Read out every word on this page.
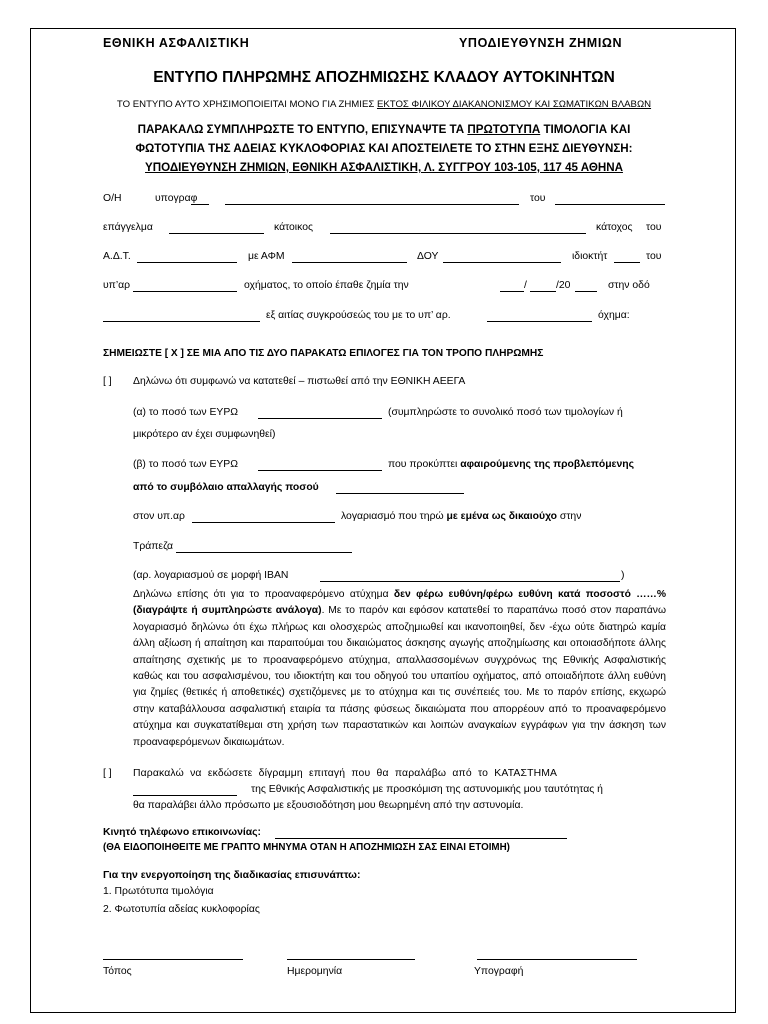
ΕΘΝΙΚΗ ΑΣΦΑΛΙΣΤΙΚΗ	ΥΠΟΔΙΕΥΘΥΝΣΗ ΖΗΜΙΩΝ
ΕΝΤΥΠΟ ΠΛΗΡΩΜΗΣ ΑΠΟΖΗΜΙΩΣΗΣ ΚΛΑΔΟΥ ΑΥΤΟΚΙΝΗΤΩΝ
ΤΟ ΕΝΤΥΠΟ ΑΥΤΟ ΧΡΗΣΙΜΟΠΟΙΕΙΤΑΙ ΜΟΝΟ ΓΙΑ ΖΗΜΙΕΣ ΕΚΤΟΣ ΦΙΛΙΚΟΥ ΔΙΑΚΑΝΟΝΙΣΜΟΥ ΚΑΙ ΣΩΜΑΤΙΚΩΝ ΒΛΑΒΩΝ
ΠΑΡΑΚΑΛΩ ΣΥΜΠΛΗΡΩΣΤΕ ΤΟ ΕΝΤΥΠΟ, ΕΠΙΣΥΝΑΨΤΕ ΤΑ ΠΡΩΤΟΤΥΠΑ ΤΙΜΟΛΟΓΙΑ ΚΑΙ
ΦΩΤΟΤΥΠΙΑ ΤΗΣ ΑΔΕΙΑΣ ΚΥΚΛΟΦΟΡΙΑΣ ΚΑΙ ΑΠΟΣΤΕΙΛΕΤΕ ΤΟ ΣΤΗΝ ΕΞΗΣ ΔΙΕΥΘΥΝΣΗ:
ΥΠΟΔΙΕΥΘΥΝΣΗ ΖΗΜΙΩΝ, ΕΘΝΙΚΗ ΑΣΦΑΛΙΣΤΙΚΗ, Λ. ΣΥΓΓΡΟΥ 103-105, 117 45 ΑΘΗΝΑ
Ο/Η	υπογραφ	του
επάγγελμα	κάτοικος	κάτοχος του
Α.Δ.Τ.	με ΑΦΜ	ΔΟΥ	ιδιοκτήτ	του
υπ’αρ	οχήματος, το οποίο έπαθε ζημία την	/	/20	στην οδό
εξ αιτίας συγκρούσεώς του με το υπ’ αρ.	όχημα:
ΣΗΜΕΙΩΣΤΕ [ Χ ] ΣΕ ΜΙΑ ΑΠΟ ΤΙΣ ΔΥΟ ΠΑΡΑΚΑΤΩ ΕΠΙΛΟΓΕΣ ΓΙΑ ΤΟΝ ΤΡΟΠΟ ΠΛΗΡΩΜΗΣ
[ ] Δηλώνω ότι συμφωνώ να κατατεθεί – πιστωθεί από την ΕΘΝΙΚΗ ΑΕΕΓΑ
(α) το ποσό των ΕΥΡΩ	(συμπληρώστε το συνολικό ποσό των τιμολογίων ή
μικρότερο αν έχει συμφωνηθεί)
(β) το ποσό των ΕΥΡΩ	που προκύπτει αφαιρούμενης της προβλεπόμενης
από το συμβόλαιο απαλλαγής ποσού
στον υπ.αρ	λογαριασμό που τηρώ με εμένα ως δικαιούχο στην
Τράπεζα
(αρ. λογαριασμού σε μορφή IBAN	)
Δηλώνω επίσης ότι για το προαναφερόμενο ατύχημα δεν φέρω ευθύνη/φέρω ευθύνη κατά ποσοστό ……% (διαγράψτε ή συμπληρώστε ανάλογα). Με το παρόν και εφόσον κατατεθεί το παραπάνω ποσό στον παραπάνω λογαριασμό δηλώνω ότι έχω πλήρως και ολοσχερώς αποζημιωθεί και ικανοποιηθεί, δεν -έχω ούτε διατηρώ καμία άλλη αξίωση ή απαίτηση και παραιτούμαι του δικαιώματος άσκησης αγωγής αποζημίωσης και οποιασδήποτε άλλης απαίτησης σχετικής με το προαναφερόμενο ατύχημα, απαλλασσομένων συγχρόνως της Εθνικής Ασφαλιστικής καθώς και του ασφαλισμένου, του ιδιοκτήτη και του οδηγού του υπαιτίου οχήματος, από οποιαδήποτε άλλη ευθύνη για ζημίες (θετικές ή αποθετικές) σχετιζόμενες με το ατύχημα και τις συνέπειές του. Με το παρόν επίσης, εκχωρώ στην καταβάλλουσα ασφαλιστική εταιρία τα πάσης φύσεως δικαιώματα που απορρέουν από το προαναφερόμενο ατύχημα και συγκατατίθεμαι στη χρήση των παραστατικών και λοιπών αναγκαίων εγγράφων για την άσκηση των προαναφερόμενων δικαιωμάτων.
[ ] Παρακαλώ να εκδώσετε δίγραμμη επιταγή που θα παραλάβω από το ΚΑΤΑΣΤΗΜΑ
της Εθνικής Ασφαλιστικής με προσκόμιση της αστυνομικής μου ταυτότητας ή
θα παραλάβει άλλο πρόσωπο με εξουσιοδότηση μου θεωρημένη από την αστυνομία.
Κινητό τηλέφωνο επικοινωνίας:
(ΘΑ ΕΙΔΟΠΟΙΗΘΕΙΤΕ ΜΕ ΓΡΑΠΤΟ ΜΗΝΥΜΑ ΟΤΑΝ Η ΑΠΟΖΗΜΙΩΣΗ ΣΑΣ ΕΙΝΑΙ ΕΤΟΙΜΗ)
Για την ενεργοποίηση της διαδικασίας επισυνάπτω:
1. Πρωτότυπα τιμολόγια
2. Φωτοτυπία αδείας κυκλοφορίας
Τόπος	Ημερομηνία	Υπογραφή
